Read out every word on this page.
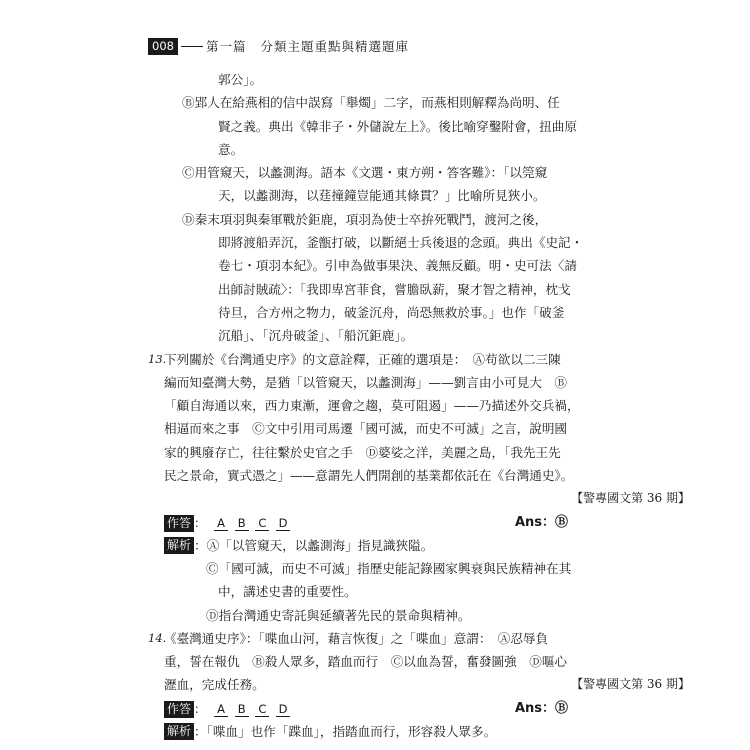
008	第一篇 分類主題重點與精選題庫
郭公」。
Ⓑ郢人在給燕相的信中誤寫「舉燭」二字，而燕相則解釋為尚明、任
賢之義。典出《韓非子・外儲說左上》。後比喻穿鑿附會，扭曲原
意。
Ⓒ用管窺天，以蠡測海。語本《文選・東方朔・答客難》：「以筦窺
天，以蠡測海，以莛撞鐘豈能通其條貫？」比喻所見狹小。
Ⓓ秦末項羽與秦軍戰於鉅鹿，項羽為使士卒拚死戰鬥，渡河之後，
即將渡船弄沉，釜甑打破，以斷絕士兵後退的念頭。典出《史記・
卷七・項羽本紀》。引申為做事果決、義無反顧。明・史可法〈請
出師討賊疏〉：「我即卑宮菲食，嘗膽臥薪，聚才智之精神，枕戈
待旦，合方州之物力，破釜沉舟，尚恐無救於事。」也作「破釜
沉船」、「沉舟破釜」、「船沉鉅鹿」。
13.
下列關於《台灣通史序》的文意詮釋，正確的選項是：　Ⓐ苟欲以二三陳
編而知臺灣大勢，是猶「以管窺天，以蠡測海」——劉言由小可見大　Ⓑ
「顧自海通以來，西力東漸，運會之趨，莫可阻遏」——乃描述外交兵禍，
相逼而來之事　Ⓒ文中引用司馬遷「國可滅，而史不可滅」之言，說明國
家的興廢存亡，往往繫於史官之手　Ⓓ婆娑之洋，美麗之島，「我先王先
民之景命，實式憑之」——意謂先人們開創的基業都依託在《台灣通史》。
【警專國文第 36 期】
作答 ： A B C D	Ans：Ⓑ
解析 ：Ⓐ「以管窺天，以蠡測海」指見識狹隘。
Ⓒ「國可滅，而史不可滅」指歷史能記錄國家興衰與民族精神在其
中，講述史書的重要性。
Ⓓ指台灣通史寄託與延續著先民的景命與精神。
14.
《臺灣通史序》：「喋血山河，藉言恢復」之「喋血」意謂：　Ⓐ忍辱負
重，誓在報仇　Ⓑ殺人眾多，踏血而行　Ⓒ以血為誓，奮發圖強　Ⓓ嘔心
瀝血，完成任務。	【警專國文第 36 期】
作答 ： A B C D	Ans：Ⓑ
解析 ：「喋血」也作「蹀血」，指踏血而行，形容殺人眾多。
